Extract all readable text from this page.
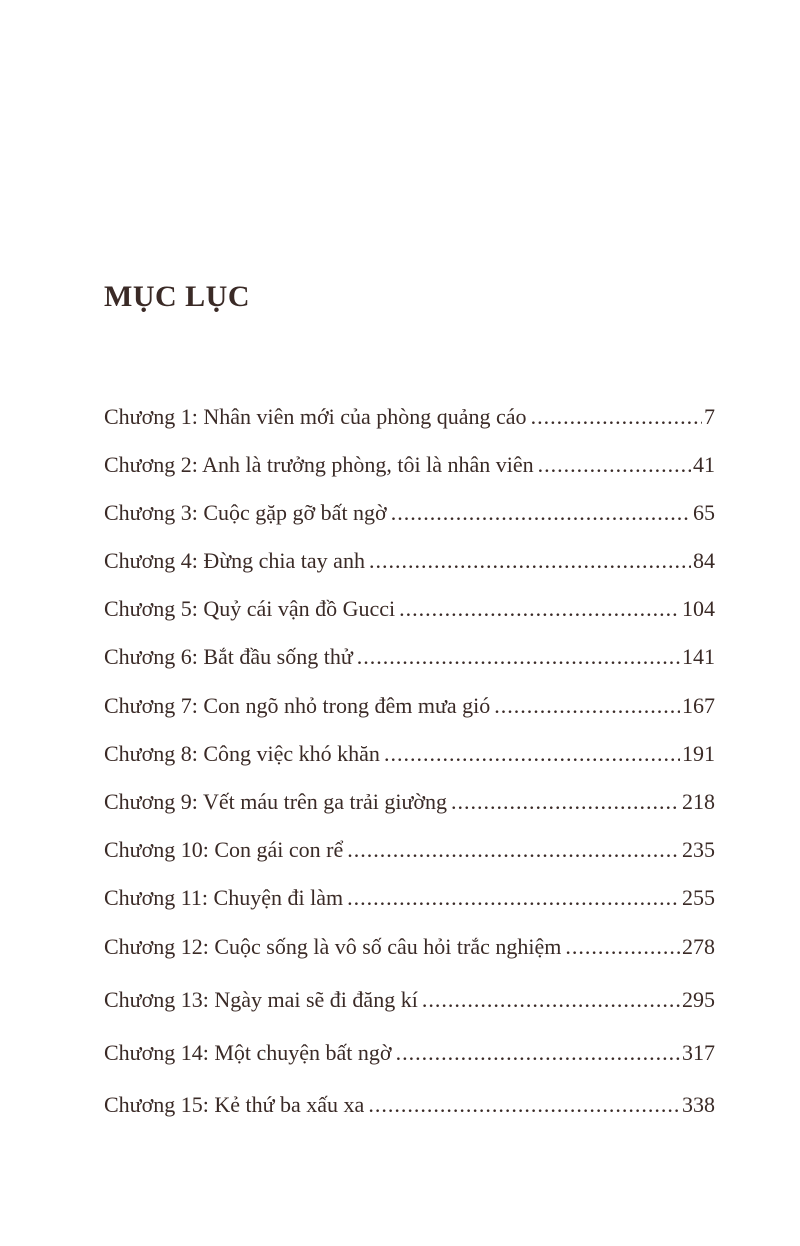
MỤC LỤC
Chương 1: Nhân viên mới của phòng quảng cáo .....	7
Chương 2: Anh là trưởng phòng, tôi là nhân viên .....	41
Chương 3: Cuộc gặp gỡ bất ngờ .....	65
Chương 4: Đừng chia tay anh .....	84
Chương 5: Quỷ cái vận đồ Gucci .....	104
Chương 6: Bắt đầu sống thử .....	141
Chương 7: Con ngõ nhỏ trong đêm mưa gió .....	167
Chương 8: Công việc khó khăn .....	191
Chương 9: Vết máu trên ga trải giường .....	218
Chương 10: Con gái con rể .....	235
Chương 11: Chuyện đi làm .....	255
Chương 12: Cuộc sống là vô số câu hỏi trắc nghiệm .....	278
Chương 13: Ngày mai sẽ đi đăng kí .....	295
Chương 14: Một chuyện bất ngờ .....	317
Chương 15: Kẻ thứ ba xấu xa .....	338
